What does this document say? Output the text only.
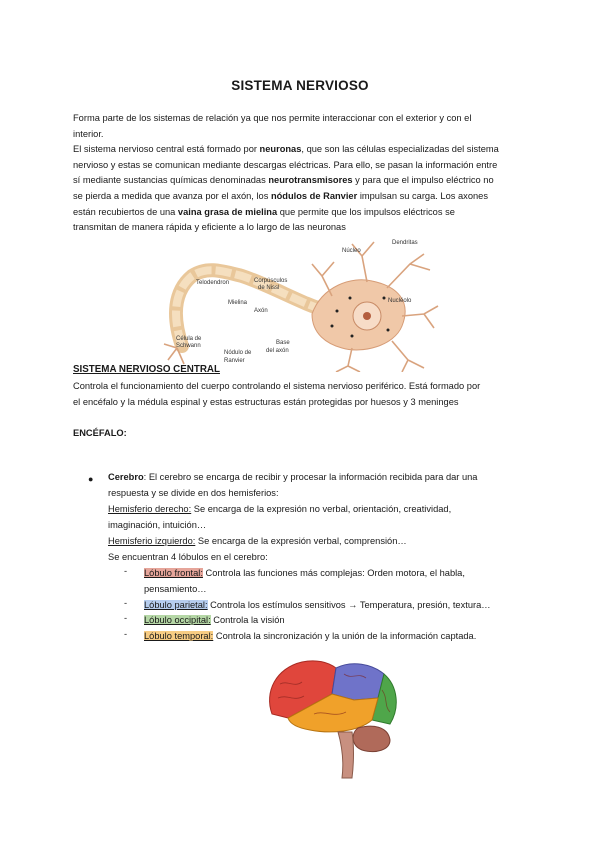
SISTEMA NERVIOSO
Forma parte de los sistemas de relación ya que nos permite interaccionar con el exterior y con el
interior.
El sistema nervioso central está formado por neuronas, que son las células especializadas del sistema
nervioso y estas se comunican mediante descargas eléctricas. Para ello, se pasan la información entre
sí mediante sustancias químicas denominadas neurotransmisores y para que el impulso eléctrico no
se pierda a medida que avanza por el axón, los nódulos de Ranvier impulsan su carga. Los axones
están recubiertos de una vaina grasa de mielina que permite que los impulsos eléctricos se
transmitan de manera rápida y eficiente a lo largo de las neuronas
Dendritas
Núcleo
Telodendron	Corpúsculos
de Nissl
Mielina
Axón
Nucléolo
Célula de
Schwann
Nódulo de
Ranvier
Base
del axón
SISTEMA NERVIOSO CENTRAL
Controla el funcionamiento del cuerpo controlando el sistema nervioso periférico. Está formado por
el encéfalo y la médula espinal y estas estructuras están protegidas por huesos y 3 meninges
ENCÉFALO:
● Cerebro: El cerebro se encarga de recibir y procesar la información recibida para dar una
respuesta y se divide en dos hemisferios:
Hemisferio derecho: Se encarga de la expresión no verbal, orientación, creatividad,
imaginación, intuición…
Hemisferio izquierdo: Se encarga de la expresión verbal, comprensión…
Se encuentran 4 lóbulos en el cerebro:
- Lóbulo frontal: Controla las funciones más complejas: Orden motora, el habla,
pensamiento…
- Lóbulo parietal: Controla los estímulos sensitivos → Temperatura, presión, textura…
- Lóbulo occipital: Controla la visión
- Lóbulo temporal: Controla la sincronización y la unión de la información captada.
